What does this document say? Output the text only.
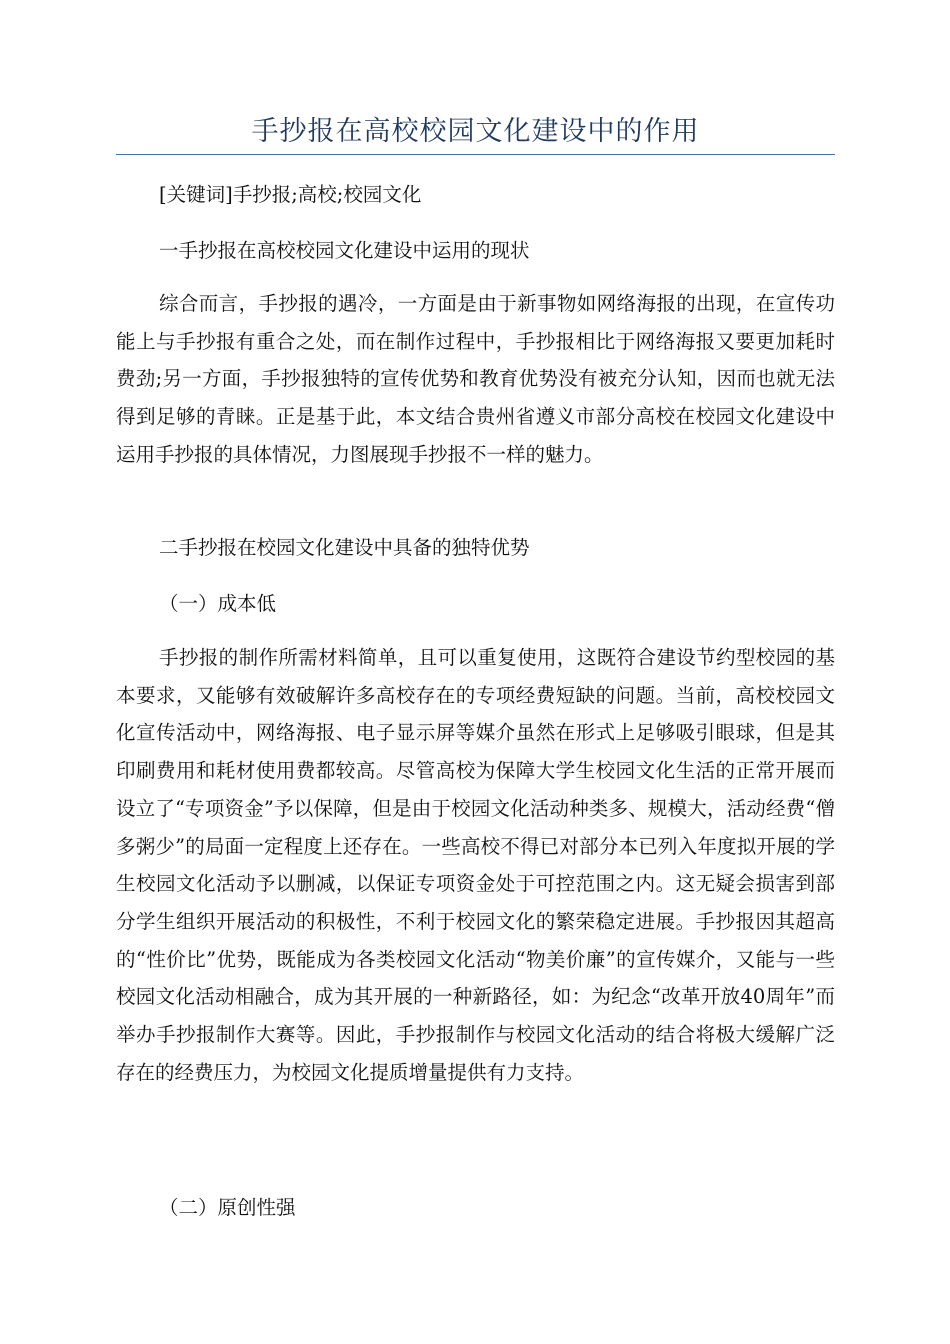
手抄报在高校校园文化建设中的作用

[关键词]手抄报;高校;校园文化

一手抄报在高校校园文化建设中运用的现状

综合而言，手抄报的遇冷，一方面是由于新事物如网络海报的出现，在宣传功能上与手抄报有重合之处，而在制作过程中，手抄报相比于网络海报又要更加耗时费劲;另一方面，手抄报独特的宣传优势和教育优势没有被充分认知，因而也就无法得到足够的青睐。正是基于此，本文结合贵州省遵义市部分高校在校园文化建设中运用手抄报的具体情况，力图展现手抄报不一样的魅力。

二手抄报在校园文化建设中具备的独特优势

（一）成本低

手抄报的制作所需材料简单，且可以重复使用，这既符合建设节约型校园的基本要求，又能够有效破解许多高校存在的专项经费短缺的问题。当前，高校校园文化宣传活动中，网络海报、电子显示屏等媒介虽然在形式上足够吸引眼球，但是其印刷费用和耗材使用费都较高。尽管高校为保障大学生校园文化生活的正常开展而设立了“专项资金”予以保障，但是由于校园文化活动种类多、规模大，活动经费“僧多粥少”的局面一定程度上还存在。一些高校不得已对部分本已列入年度拟开展的学生校园文化活动予以删减，以保证专项资金处于可控范围之内。这无疑会损害到部分学生组织开展活动的积极性，不利于校园文化的繁荣稳定进展。手抄报因其超高的“性价比”优势，既能成为各类校园文化活动“物美价廉”的宣传媒介，又能与一些校园文化活动相融合，成为其开展的一种新路径，如：为纪念“改革开放40周年”而举办手抄报制作大赛等。因此，手抄报制作与校园文化活动的结合将极大缓解广泛存在的经费压力，为校园文化提质增量提供有力支持。

（二）原创性强
